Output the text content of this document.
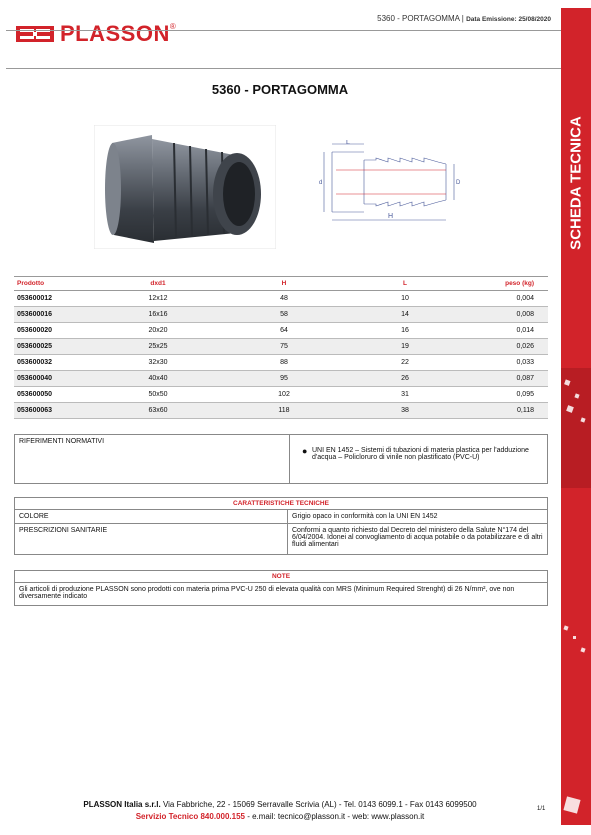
PLASSON ®
5360 - PORTAGOMMA | Data Emissione: 25/08/2020
SCHEDA TECNICA
5360 - PORTAGOMMA
L
H
d	D
Prodotto	dxd1	H	L	peso (kg)
053600012	12x12	48	10	0,004
053600016	16x16	58	14	0,008
053600020	20x20	64	16	0,014
053600025	25x25	75	19	0,026
053600032	32x30	88	22	0,033
053600040	40x40	95	26	0,087
053600050	50x50	102	31	0,095
053600063	63x60	118	38	0,118
RIFERIMENTI NORMATIVI
● UNI EN 1452 – Sistemi di tubazioni di materia plastica per l'adduzione d'acqua – Policloruro di vinile non plastificato (PVC-U)
CARATTERISTICHE TECNICHE
COLORE	Grigio opaco in conformità con la UNI EN 1452
PRESCRIZIONI SANITARIE	Conformi a quanto richiesto dal Decreto del ministero della Salute N°174 del 6/04/2004. Idonei al convogliamento di acqua potabile o da potabilizzare e di altri fluidi alimentari
NOTE
Gli articoli di produzione PLASSON sono prodotti con materia prima PVC-U 250 di elevata qualità con MRS (Minimum Required Strenght) di 26 N/mm², ove non diversamente indicato
PLASSON Italia s.r.l. Via Fabbriche, 22 - 15069 Serravalle Scrivia (AL) - Tel. 0143 6099.1 - Fax 0143 6099500
Servizio Tecnico 840.000.155 - e.mail: tecnico@plasson.it - web: www.plasson.it
1/1
